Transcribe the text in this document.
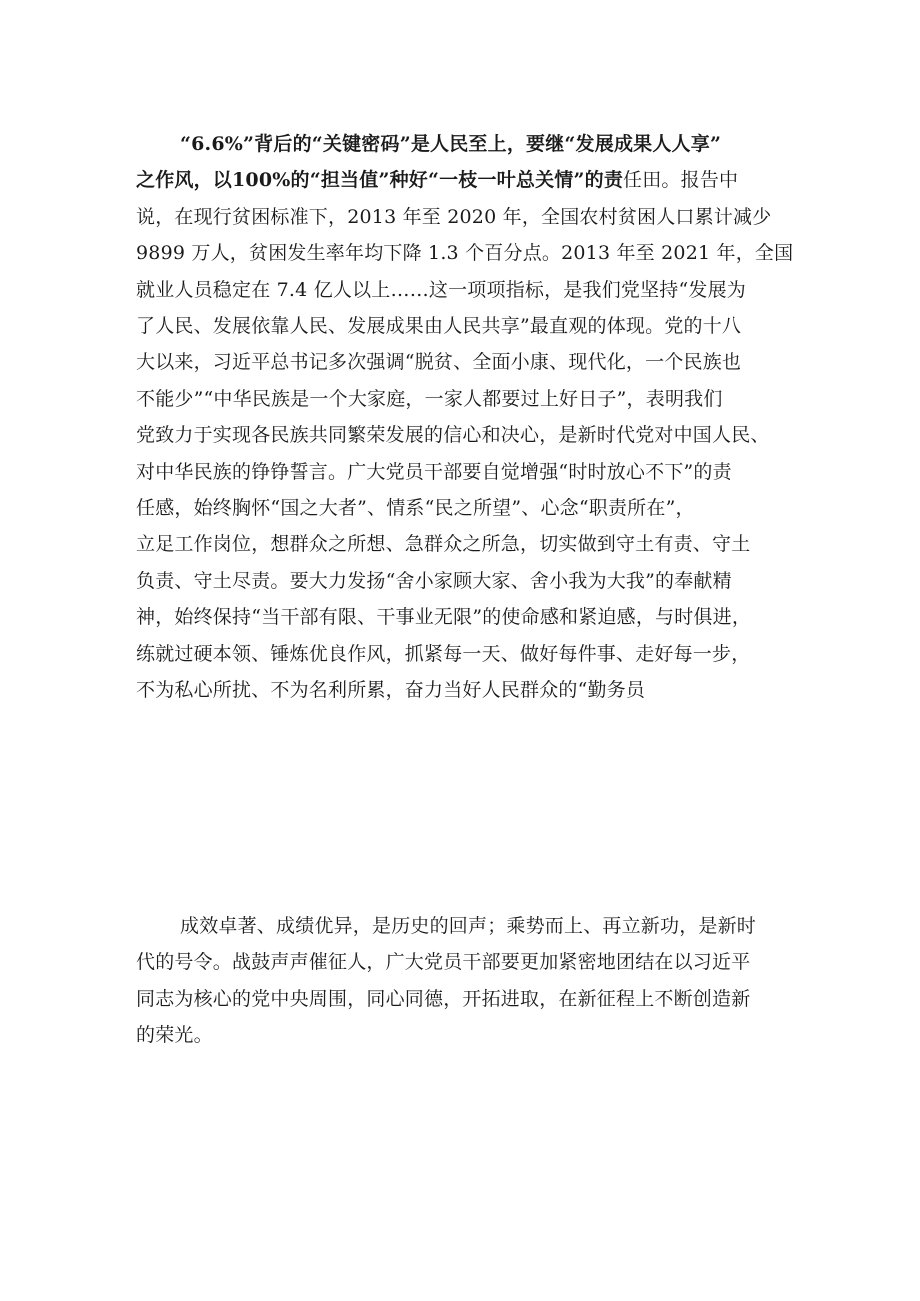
“6.6%”背后的“关键密码”是人民至上，要继“发展成果人人享”
之作风，以100%的“担当值”种好“一枝一叶总关情”的责任田。报告中
说，在现行贫困标准下，2013 年至 2020 年，全国农村贫困人口累计减少
9899 万人，贫困发生率年均下降 1.3 个百分点。2013 年至 2021 年，全国
就业人员稳定在 7.4 亿人以上……这一项项指标，是我们党坚持“发展为
了人民、发展依靠人民、发展成果由人民共享”最直观的体现。党的十八
大以来，习近平总书记多次强调“脱贫、全面小康、现代化，一个民族也
不能少”“中华民族是一个大家庭，一家人都要过上好日子”，表明我们
党致力于实现各民族共同繁荣发展的信心和决心，是新时代党对中国人民、
对中华民族的铮铮誓言。广大党员干部要自觉增强“时时放心不下”的责
任感，始终胸怀“国之大者”、情系“民之所望”、心念“职责所在”，
立足工作岗位，想群众之所想、急群众之所急，切实做到守土有责、守土
负责、守土尽责。要大力发扬“舍小家顾大家、舍小我为大我”的奉献精
神，始终保持“当干部有限、干事业无限”的使命感和紧迫感，与时俱进，
练就过硬本领、锤炼优良作风，抓紧每一天、做好每件事、走好每一步，
不为私心所扰、不为名利所累，奋力当好人民群众的“勤务员
成效卓著、成绩优异，是历史的回声；乘势而上、再立新功，是新时
代的号令。战鼓声声催征人，广大党员干部要更加紧密地团结在以习近平
同志为核心的党中央周围，同心同德，开拓进取，在新征程上不断创造新
的荣光。
